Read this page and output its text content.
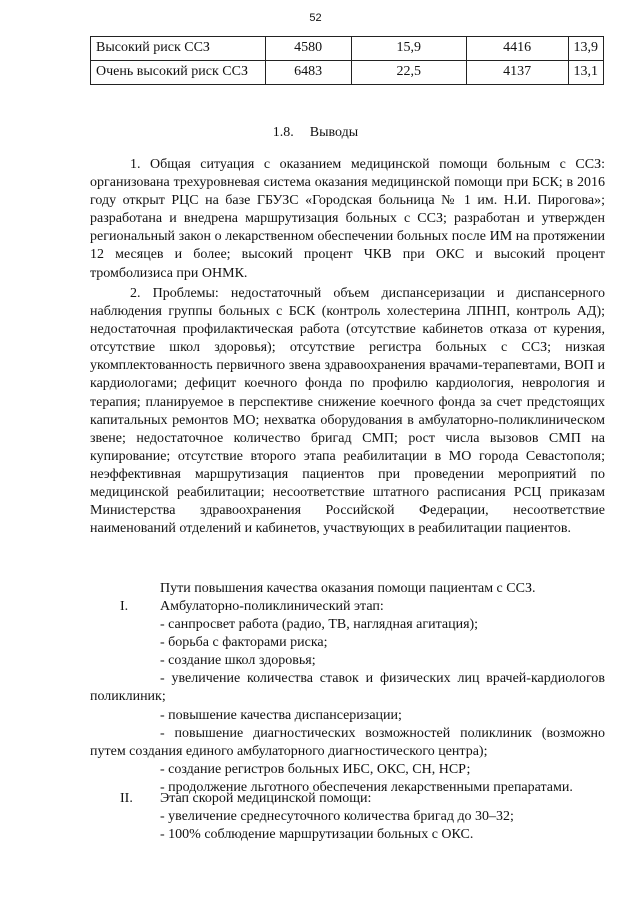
52
Высокий риск ССЗ	4580	15,9	4416	13,9
Очень высокий риск ССЗ	6483	22,5	4137	13,1
1.8. Выводы

1. Общая ситуация с оказанием медицинской помощи больным с ССЗ: организована трехуровневая система оказания медицинской помощи при БСК; в 2016 году открыт РЦС на базе ГБУЗС «Городская больница № 1 им. Н.И. Пирогова»; разработана и внедрена маршрутизация больных с ССЗ; разработан и утвержден региональный закон о лекарственном обеспечении больных после ИМ на протяжении 12 месяцев и более; высокий процент ЧКВ при ОКС и высокий процент тромболизиса при ОНМК.

2. Проблемы: недостаточный объем диспансеризации и диспансерного наблюдения группы больных с БСК (контроль холестерина ЛПНП, контроль АД); недостаточная профилактическая работа (отсутствие кабинетов отказа от курения, отсутствие школ здоровья); отсутствие регистра больных с ССЗ; низкая укомплектованность первичного звена здравоохранения врачами-терапевтами, ВОП и кардиологами; дефицит коечного фонда по профилю кардиология, неврология и терапия; планируемое в перспективе снижение коечного фонда за счет предстоящих капитальных ремонтов МО; нехватка оборудования в амбулаторно-поликлиническом звене; недостаточное количество бригад СМП; рост числа вызовов СМП на купирование; отсутствие второго этапа реабилитации в МО города Севастополя; неэффективная маршрутизация пациентов при проведении мероприятий по медицинской реабилитации; несоответствие штатного расписания РСЦ приказам Министерства здравоохранения Российской Федерации, несоответствие наименований отделений и кабинетов, участвующих в реабилитации пациентов.

Пути повышения качества оказания помощи пациентам с ССЗ.
I. Амбулаторно-поликлинический этап:
- санпросвет работа (радио, ТВ, наглядная агитация);
- борьба с факторами риска;
- создание школ здоровья;
- увеличение количества ставок и физических лиц врачей-кардиологов поликлиник;
- повышение качества диспансеризации;
- повышение диагностических возможностей поликлиник (возможно путем создания единого амбулаторного диагностического центра);
- создание регистров больных ИБС, ОКС, СН, НСР;
- продолжение льготного обеспечения лекарственными препаратами.
II. Этап скорой медицинской помощи:
- увеличение среднесуточного количества бригад до 30–32;
- 100% соблюдение маршрутизации больных с ОКС.
